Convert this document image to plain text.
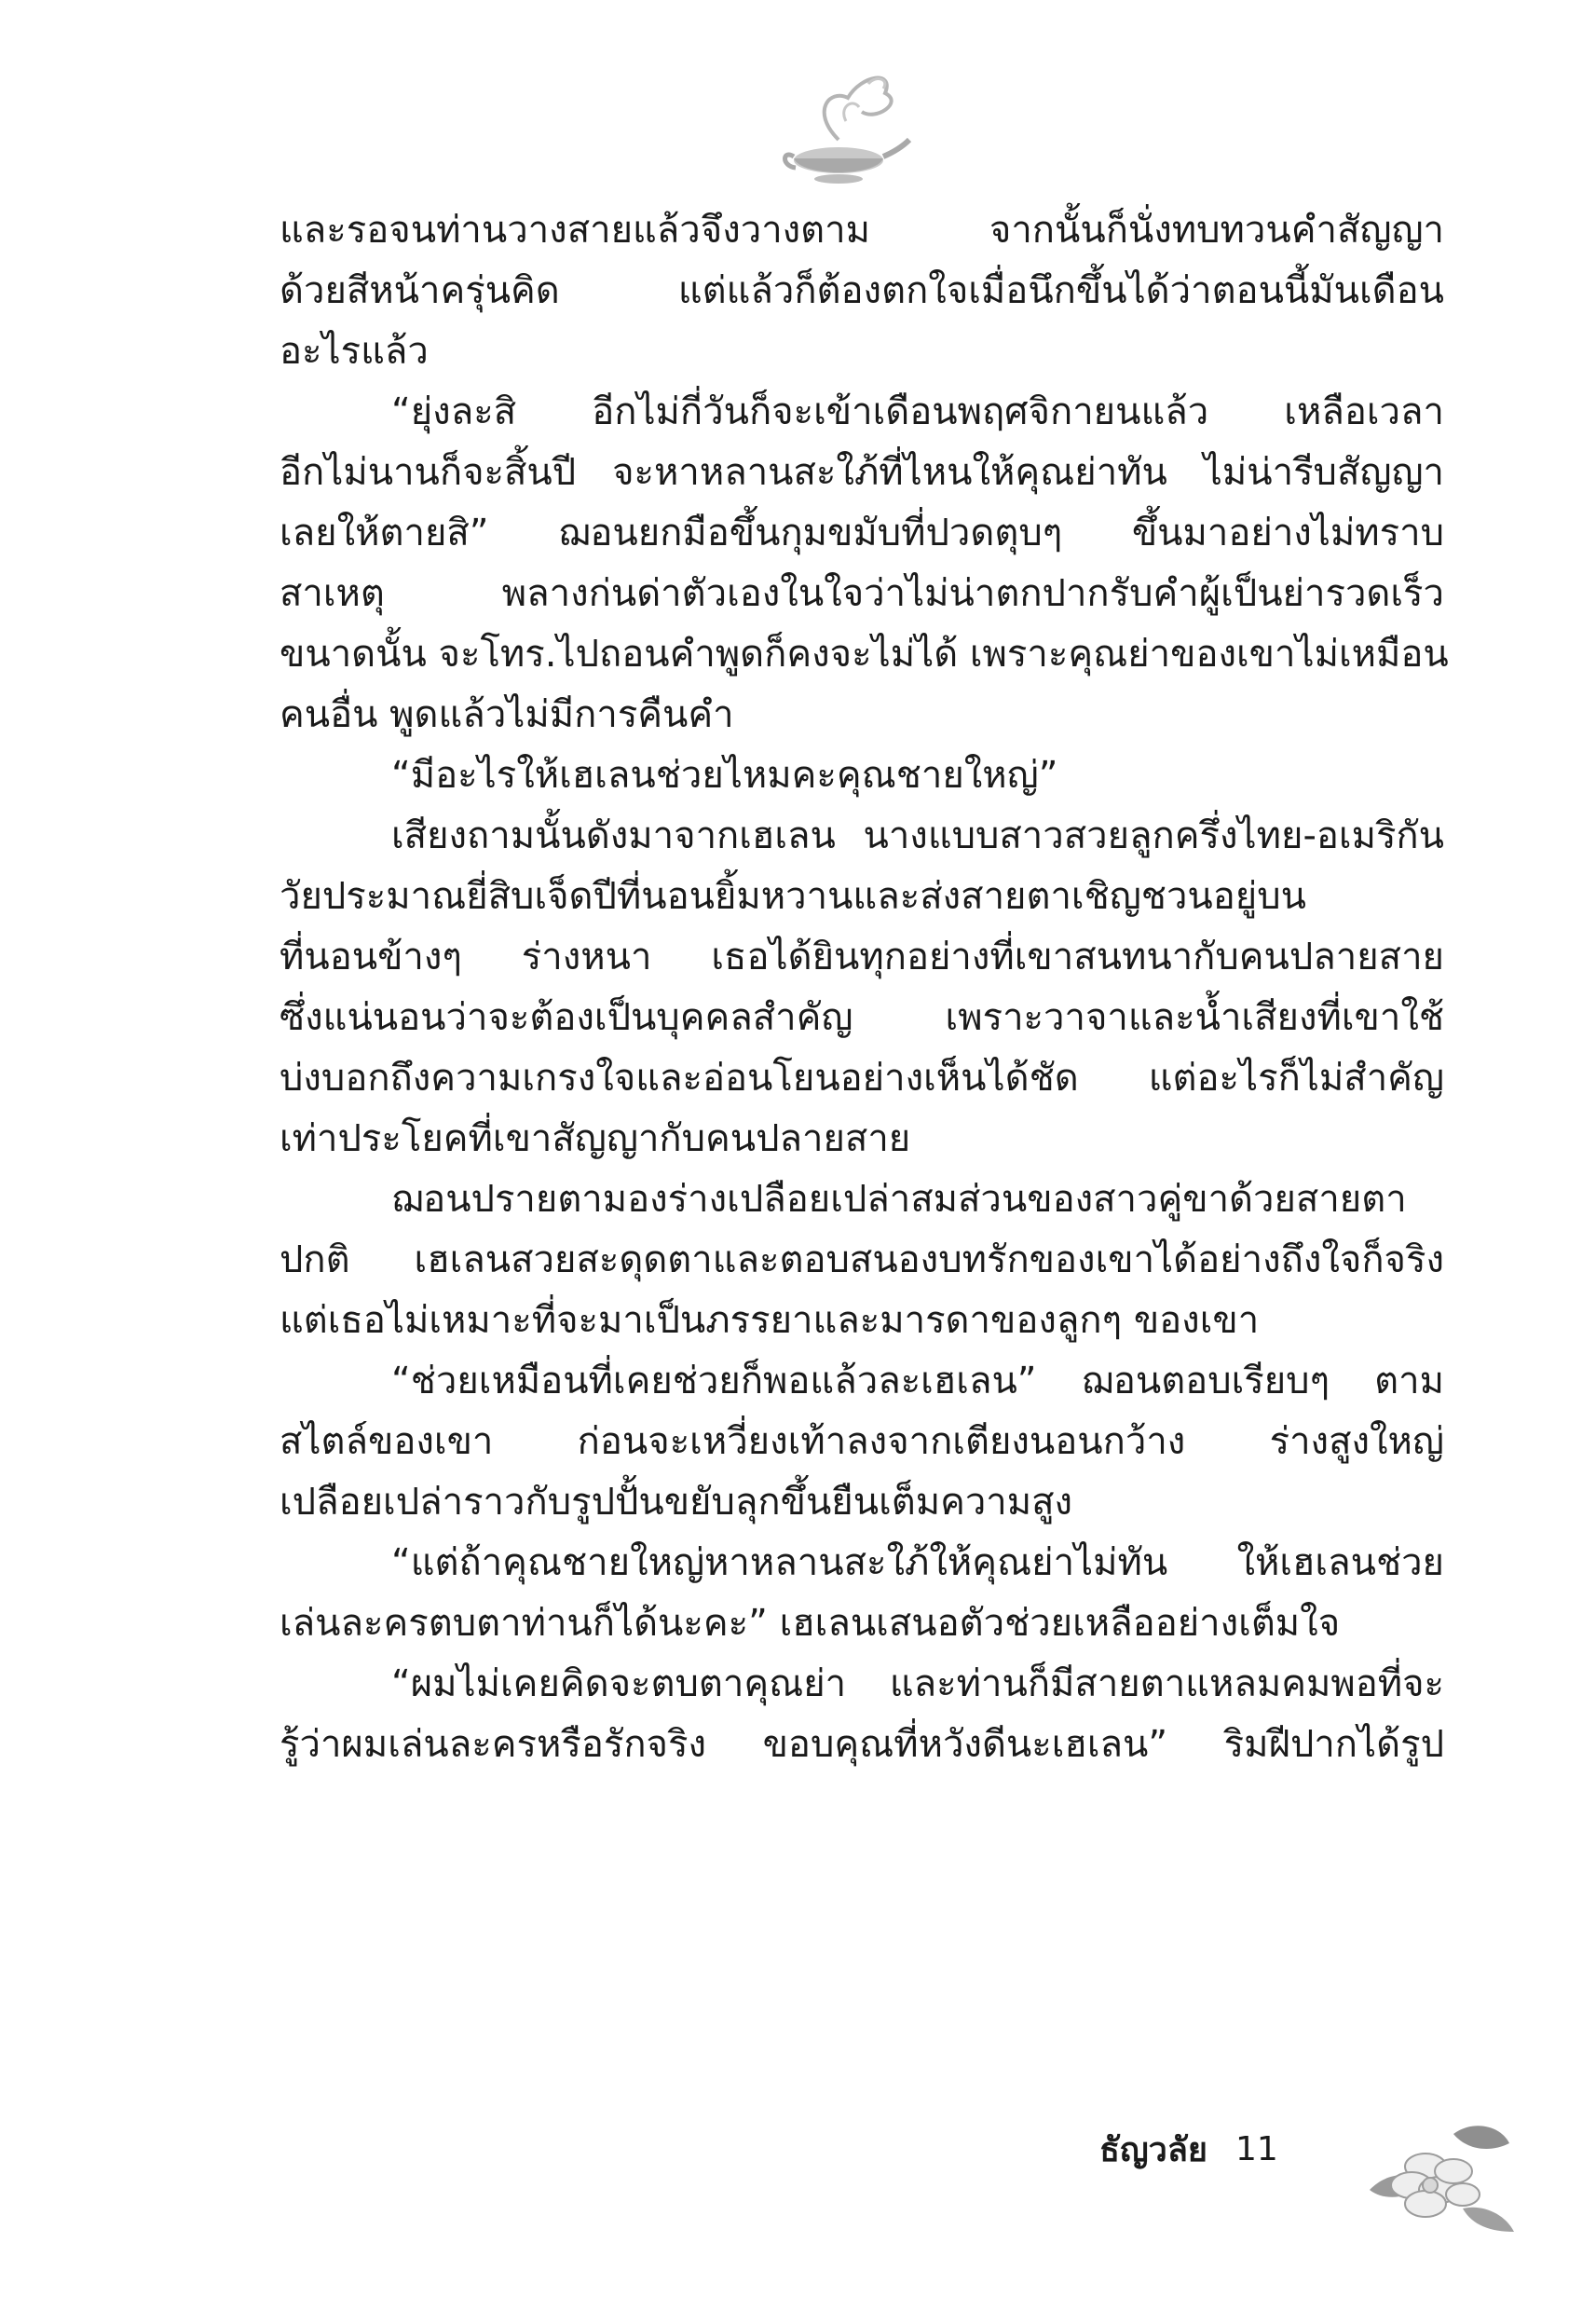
และรอจนท่านวางสายแล้วจึงวางตาม จากนั้นก็นั่งทบทวนคำสัญญา
ด้วยสีหน้าครุ่นคิด แต่แล้วก็ต้องตกใจเมื่อนึกขึ้นได้ว่าตอนนี้มันเดือน
อะไรแล้ว
“ยุ่งละสิ อีกไม่กี่วันก็จะเข้าเดือนพฤศจิกายนแล้ว เหลือเวลา
อีกไม่นานก็จะสิ้นปี จะหาหลานสะใภ้ที่ไหนให้คุณย่าทัน ไม่น่ารีบสัญญา
เลยให้ตายสิ” ฌอนยกมือขึ้นกุมขมับที่ปวดตุบๆ ขึ้นมาอย่างไม่ทราบ
สาเหตุ พลางก่นด่าตัวเองในใจว่าไม่น่าตกปากรับคำผู้เป็นย่ารวดเร็ว
ขนาดนั้น จะโทร.ไปถอนคำพูดก็คงจะไม่ได้ เพราะคุณย่าของเขาไม่เหมือน
คนอื่น พูดแล้วไม่มีการคืนคำ
“มีอะไรให้เฮเลนช่วยไหมคะคุณชายใหญ่”
เสียงถามนั้นดังมาจากเฮเลน นางแบบสาวสวยลูกครึ่งไทย-อเมริกัน
วัยประมาณยี่สิบเจ็ดปีที่นอนยิ้มหวานและส่งสายตาเชิญชวนอยู่บน
ที่นอนข้างๆ ร่างหนา เธอได้ยินทุกอย่างที่เขาสนทนากับคนปลายสาย
ซึ่งแน่นอนว่าจะต้องเป็นบุคคลสำคัญ เพราะวาจาและน้ำเสียงที่เขาใช้
บ่งบอกถึงความเกรงใจและอ่อนโยนอย่างเห็นได้ชัด แต่อะไรก็ไม่สำคัญ
เท่าประโยคที่เขาสัญญากับคนปลายสาย
ฌอนปรายตามองร่างเปลือยเปล่าสมส่วนของสาวคู่ขาด้วยสายตา
ปกติ เฮเลนสวยสะดุดตาและตอบสนองบทรักของเขาได้อย่างถึงใจก็จริง
แต่เธอไม่เหมาะที่จะมาเป็นภรรยาและมารดาของลูกๆ ของเขา
“ช่วยเหมือนที่เคยช่วยก็พอแล้วละเฮเลน” ฌอนตอบเรียบๆ ตาม
สไตล์ของเขา ก่อนจะเหวี่ยงเท้าลงจากเตียงนอนกว้าง ร่างสูงใหญ่
เปลือยเปล่าราวกับรูปปั้นขยับลุกขึ้นยืนเต็มความสูง
“แต่ถ้าคุณชายใหญ่หาหลานสะใภ้ให้คุณย่าไม่ทัน ให้เฮเลนช่วย
เล่นละครตบตาท่านก็ได้นะคะ” เฮเลนเสนอตัวช่วยเหลืออย่างเต็มใจ
“ผมไม่เคยคิดจะตบตาคุณย่า และท่านก็มีสายตาแหลมคมพอที่จะ
รู้ว่าผมเล่นละครหรือรักจริง ขอบคุณที่หวังดีนะเฮเลน” ริมฝีปากได้รูป
ธัญวลัย 11
